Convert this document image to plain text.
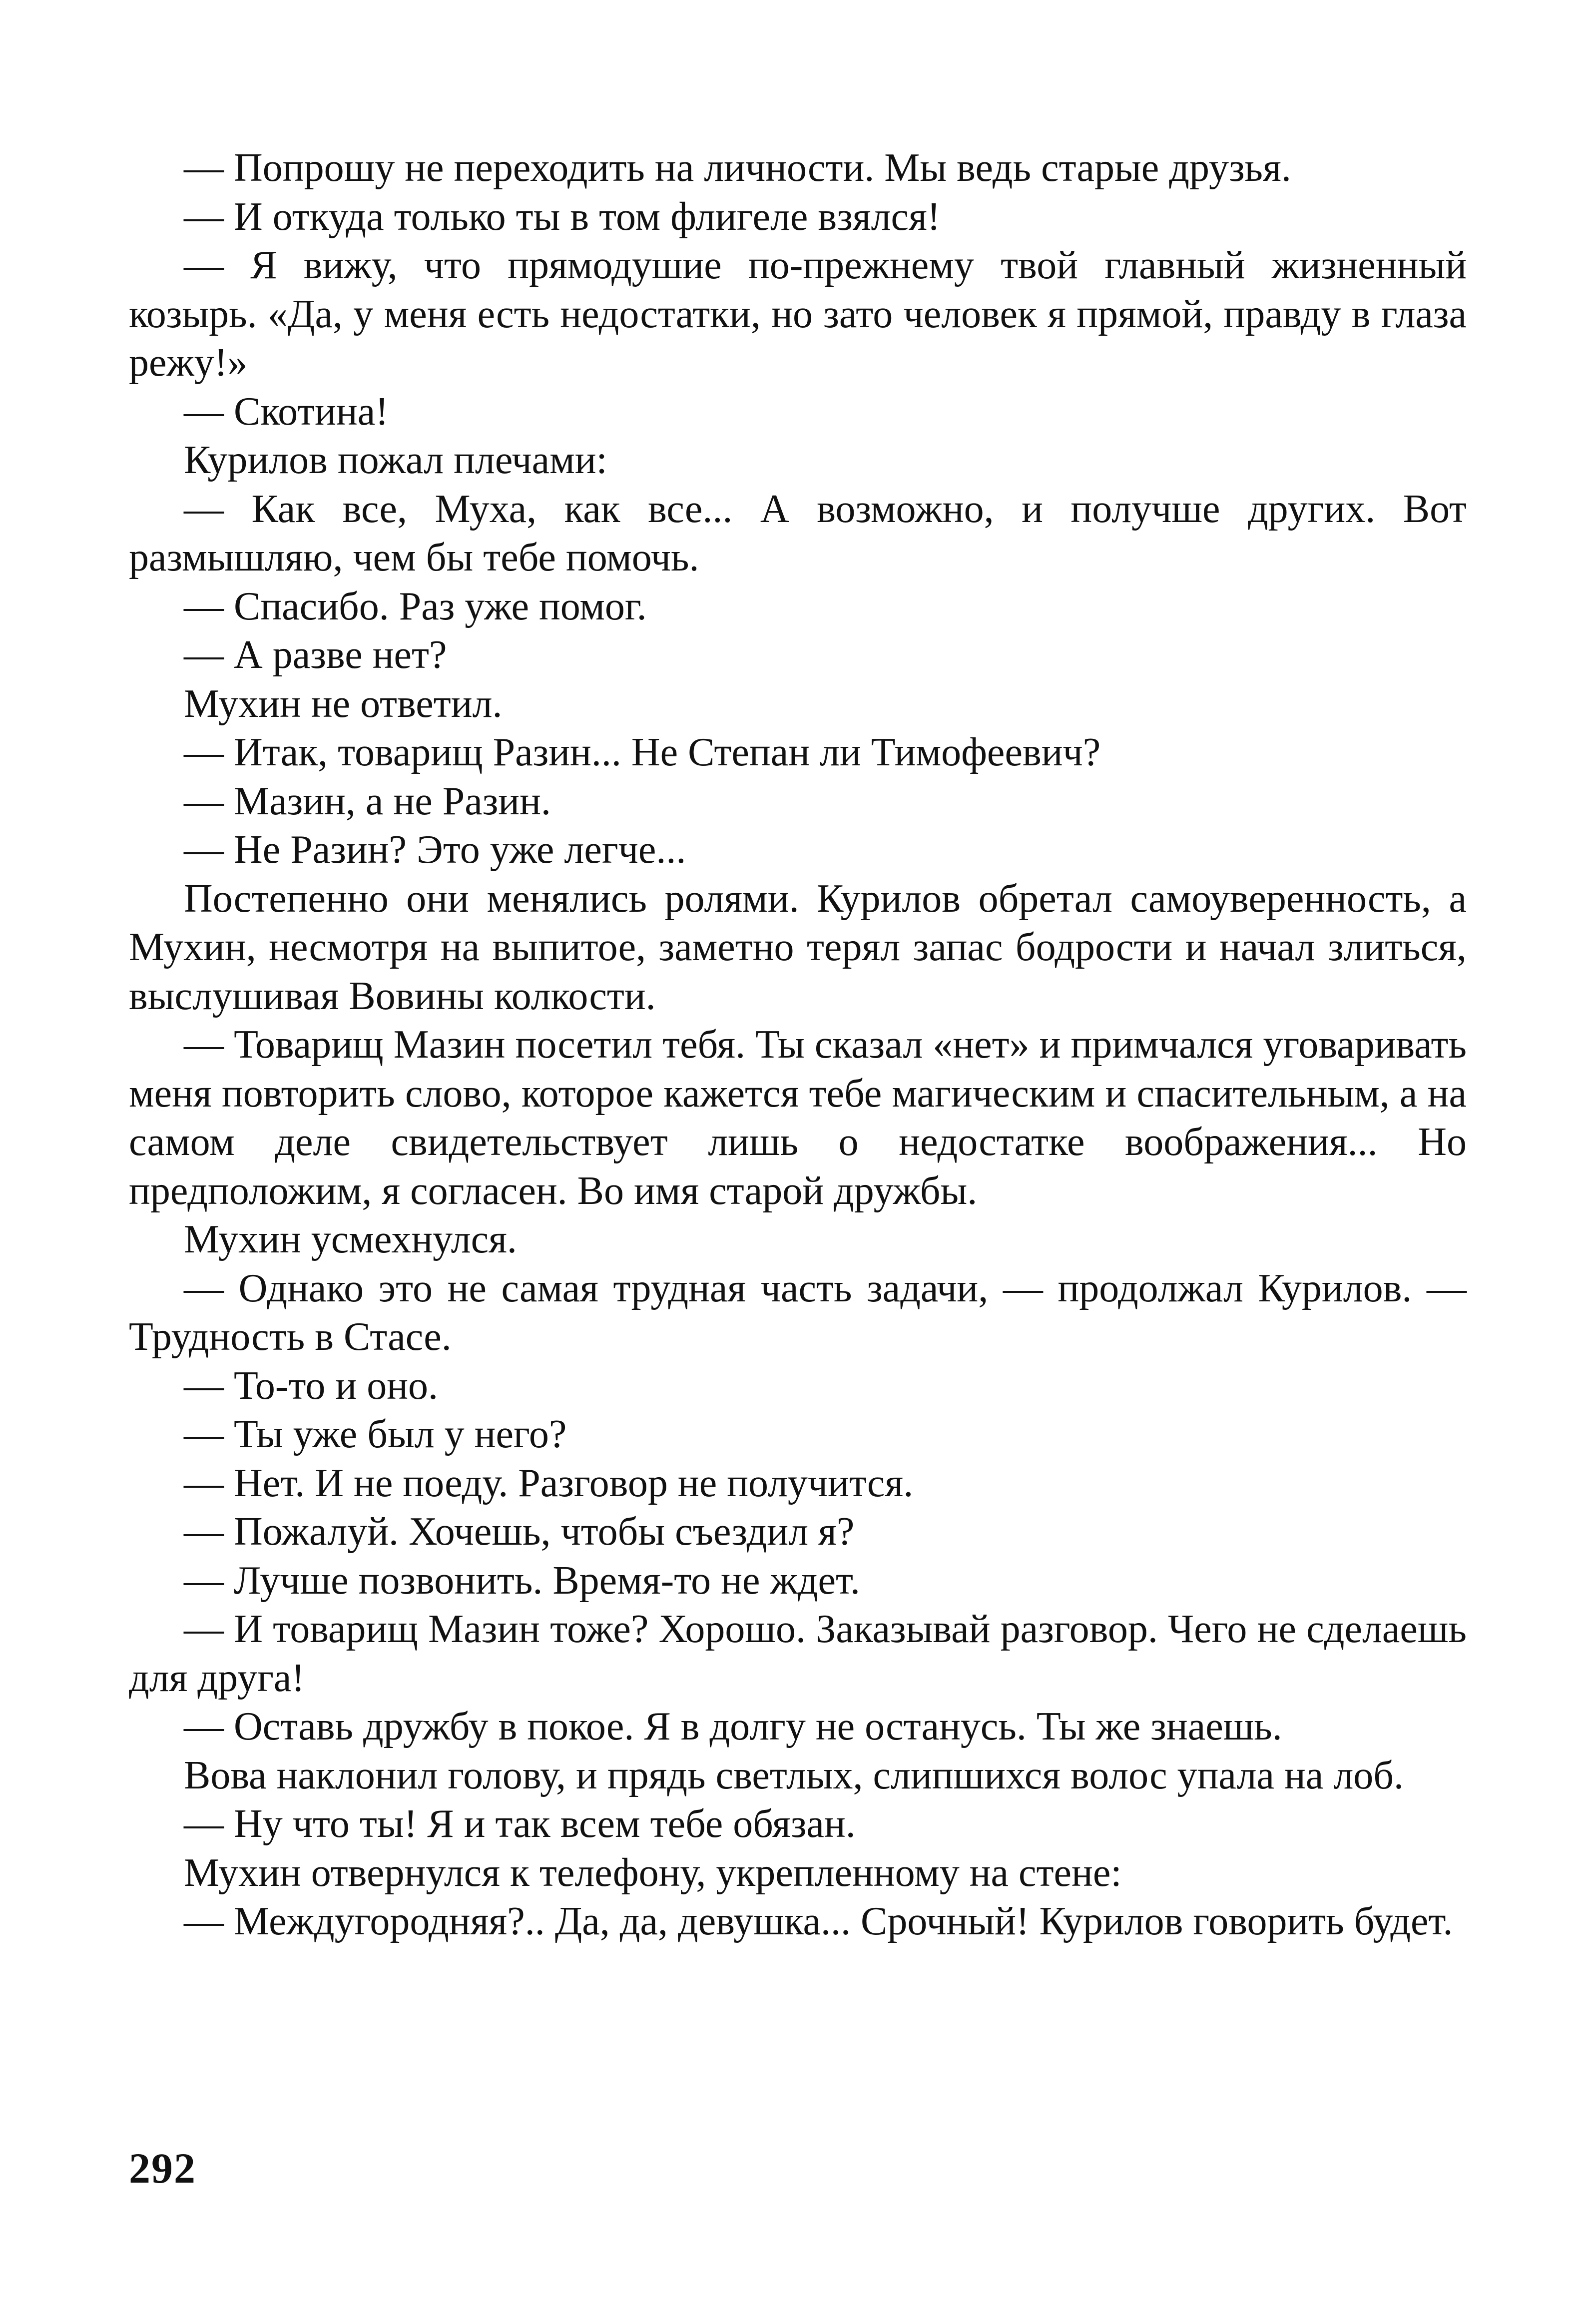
— Попрошу не переходить на личности. Мы ведь старые друзья.

— И откуда только ты в том флигеле взялся!

— Я вижу, что прямодушие по-прежнему твой главный жизненный козырь. «Да, у меня есть недостатки, но зато человек я прямой, правду в глаза режу!»

— Скотина!

Курилов пожал плечами:

— Как все, Муха, как все... А возможно, и получше других. Вот размышляю, чем бы тебе помочь.

— Спасибо. Раз уже помог.

— А разве нет?

Мухин не ответил.

— Итак, товарищ Разин... Не Степан ли Тимофеевич?

— Мазин, а не Разин.

— Не Разин? Это уже легче...

Постепенно они менялись ролями. Курилов обретал самоуверенность, а Мухин, несмотря на выпитое, заметно терял запас бодрости и начал злиться, выслушивая Вовины колкости.

— Товарищ Мазин посетил тебя. Ты сказал «нет» и примчался уговаривать меня повторить слово, которое кажется тебе магическим и спасительным, а на самом деле свидетельствует лишь о недостатке воображения... Но предположим, я согласен. Во имя старой дружбы.

Мухин усмехнулся.

— Однако это не самая трудная часть задачи, — продолжал Курилов. — Трудность в Стасе.

— То-то и оно.

— Ты уже был у него?

— Нет. И не поеду. Разговор не получится.

— Пожалуй. Хочешь, чтобы съездил я?

— Лучше позвонить. Время-то не ждет.

— И товарищ Мазин тоже? Хорошо. Заказывай разговор. Чего не сделаешь для друга!

— Оставь дружбу в покое. Я в долгу не останусь. Ты же знаешь.

Вова наклонил голову, и прядь светлых, слипшихся волос упала на лоб.

— Ну что ты! Я и так всем тебе обязан.

Мухин отвернулся к телефону, укрепленному на стене:

— Междугородняя?.. Да, да, девушка... Срочный! Курилов говорить будет.

292
